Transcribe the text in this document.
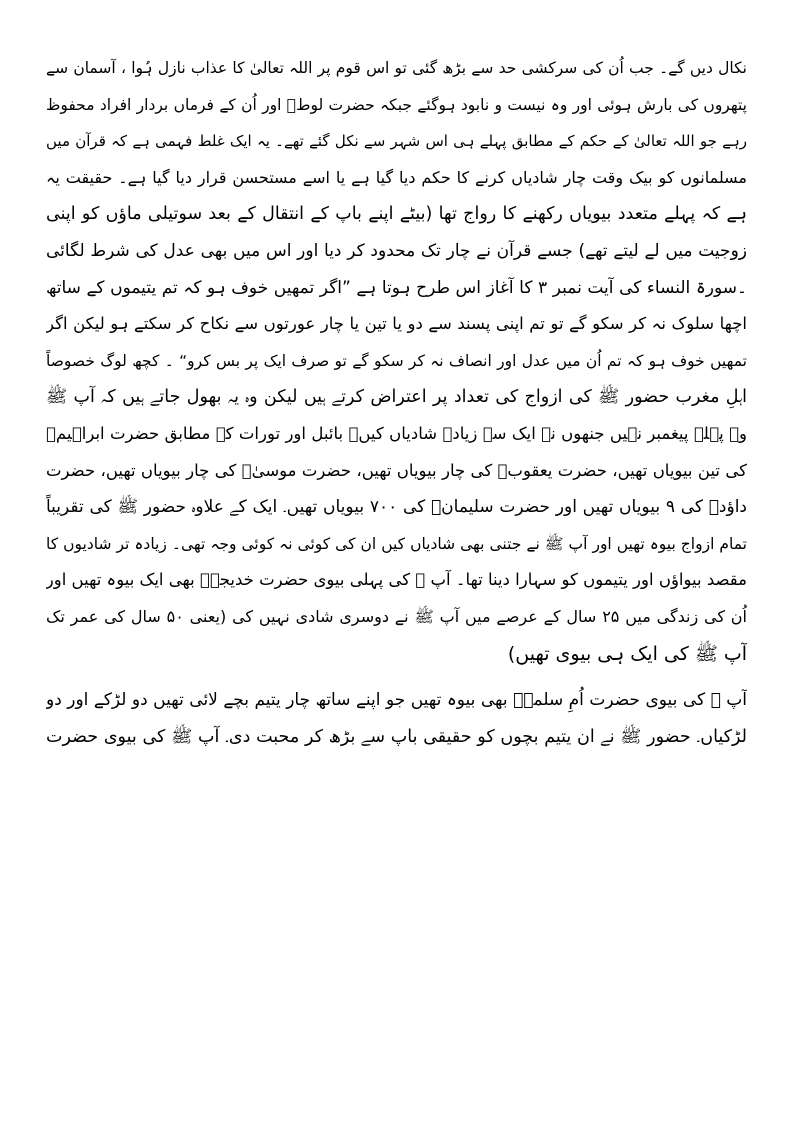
نکال دیں گے۔ جب اُن کی سرکشی حد سے بڑھ گئی تو اس قوم پر اللہ تعالیٰ کا عذاب نازل ہُوا ، آسمان سے
پتھروں کی بارش ہوئی اور وہ نیست و نابود ہوگئے جبکہ حضرت لوطؑ اور اُن کے فرماں بردار افراد محفوظ
رہے جو اللہ تعالیٰ کے حکم کے مطابق پہلے ہی اس شہر سے نکل گئے تھے۔ یہ ایک غلط فہمی ہے کہ قرآن میں
مسلمانوں کو بیک وقت چار شادیاں کرنے کا حکم دیا گیا ہے یا اسے مستحسن قرار دیا گیا ہے۔ حقیقت یہ
ہے کہ پہلے متعدد بیویاں رکھنے کا رواج تھا (بیٹے اپنے باپ کے انتقال کے بعد سوتیلی ماؤں کو اپنی
زوجیت میں لے لیتے تھے) جسے قرآن نے چار تک محدود کر دیا اور اس میں بھی عدل کی شرط لگائی
۔سورۃ النساء کی آیت نمبر ۳ کا آغاز اس طرح ہوتا ہے ”اگر تمھیں خوف ہو کہ تم یتیموں کے ساتھ
اچھا سلوک نہ کر سکو گے تو تم اپنی پسند سے دو یا تین یا چار عورتوں سے نکاح کر سکتے ہو لیکن اگر
تمھیں خوف ہو کہ تم اُن میں عدل اور انصاف نہ کر سکو گے تو صرف ایک پر بس کرو“ ۔ کچھ لوگ خصوصاً
اہلِ مغرب حضور ﷺ کی ازواج کی تعداد پر اعتراض کرتے ہیں لیکن وہ یہ بھول جاتے ہیں کہ آپ ﷺ
وہ پہلے پیغمبر نہیں جنھوں نے ایک سے زیادہ شادیاں کیں۔ بائبل اور تورات کے مطابق حضرت ابراہیمؑ
کی تین بیویاں تھیں، حضرت یعقوبؑ کی چار بیویاں تھیں، حضرت موسیٰؑ کی چار بیویاں تھیں، حضرت
داؤدؑ کی ۹ بیویاں تھیں اور حضرت سلیمانؑ کی ۷۰۰ بیویاں تھیں۔ ایک کے علاوہ حضور ﷺ کی تقریباً
تمام ازواج بیوہ تھیں اور آپ ﷺ نے جتنی بھی شادیاں کیں ان کی کوئی نہ کوئی وجہ تھی۔ زیادہ تر شادیوں کا
مقصد بیواؤں اور یتیموں کو سہارا دینا تھا۔ آپ ﷺ کی پہلی بیوی حضرت خدیجہؓ بھی ایک بیوہ تھیں اور
اُن کی زندگی میں ۲۵ سال کے عرصے میں آپ ﷺ نے دوسری شادی نہیں کی (یعنی ۵۰ سال کی عمر تک
آپ ﷺ کی ایک ہی بیوی تھیں)
آپ ﷺ کی بیوی حضرت اُمِ سلمہؓ بھی بیوہ تھیں جو اپنے ساتھ چار یتیم بچے لائی تھیں دو لڑکے اور دو
لڑکیاں۔ حضور ﷺ نے ان یتیم بچوں کو حقیقی باپ سے بڑھ کر محبت دی۔ آپ ﷺ کی بیوی حضرت
